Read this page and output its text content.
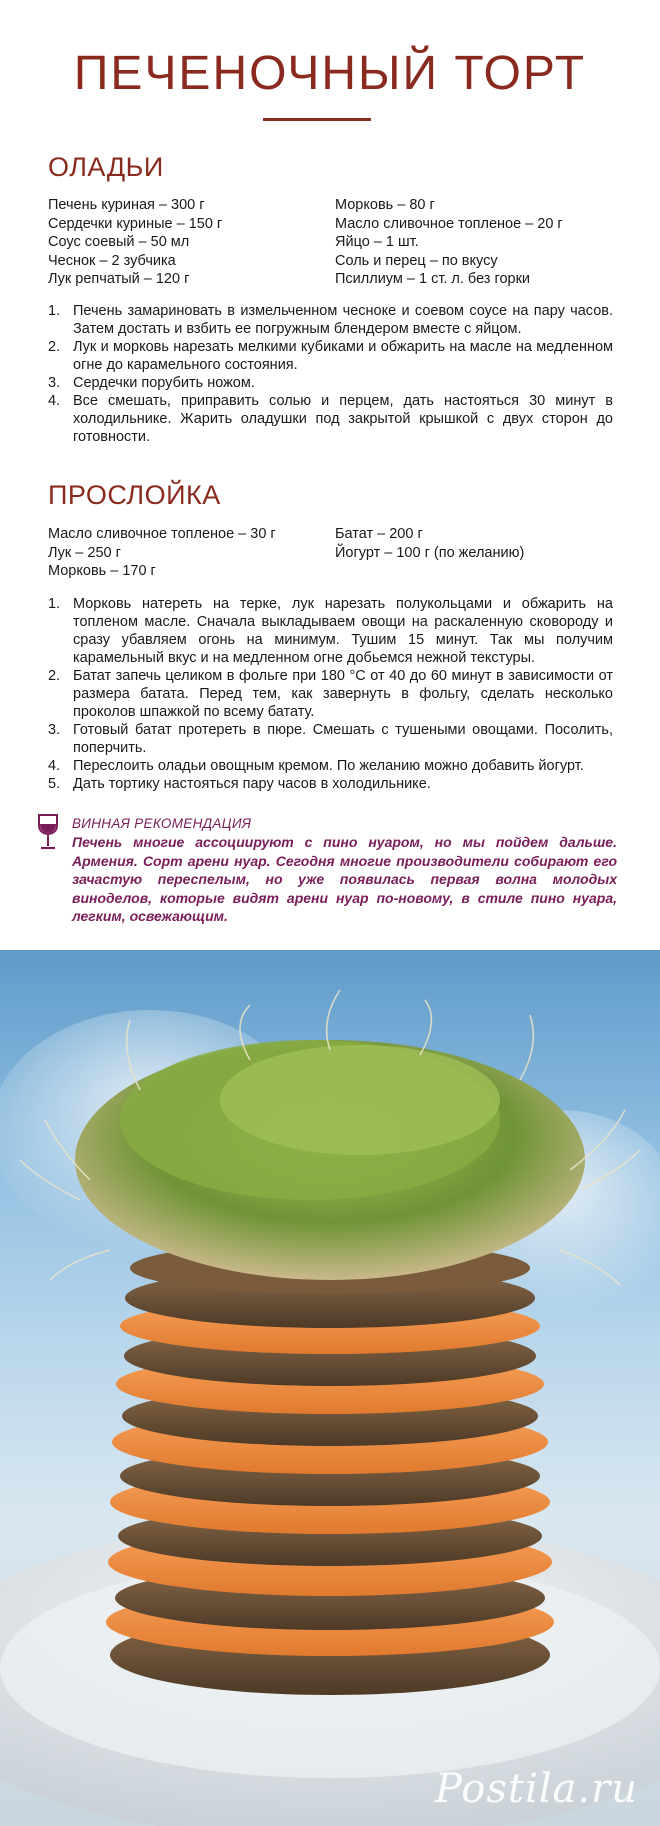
ПЕЧЕНОЧНЫЙ ТОРТ
ОЛАДЬИ
Печень куриная – 300 г
Сердечки куриные – 150 г
Соус соевый – 50 мл
Чеснок – 2 зубчика
Лук репчатый – 120 г
Морковь – 80 г
Масло сливочное топленое – 20 г
Яйцо – 1 шт.
Соль и перец – по вкусу
Псиллиум – 1 ст. л. без горки
1. Печень замариновать в измельченном чесноке и соевом соусе на пару часов. Затем достать и взбить ее погружным блендером вместе с яйцом.
2. Лук и морковь нарезать мелкими кубиками и обжарить на масле на медленном огне до карамельного состояния.
3. Сердечки порубить ножом.
4. Все смешать, приправить солью и перцем, дать настояться 30 минут в холодильнике. Жарить оладушки под закрытой крышкой с двух сторон до готовности.
ПРОСЛОЙКА
Масло сливочное топленое – 30 г
Лук – 250 г
Морковь – 170 г
Батат – 200 г
Йогурт – 100 г (по желанию)
1. Морковь натереть на терке, лук нарезать полукольцами и обжарить на топленом масле. Сначала выкладываем овощи на раскаленную сковороду и сразу убавляем огонь на минимум. Тушим 15 минут. Так мы получим карамельный вкус и на медленном огне добьемся нежной текстуры.
2. Батат запечь целиком в фольге при 180 °С от 40 до 60 минут в зависимости от размера батата. Перед тем, как завернуть в фольгу, сделать несколько проколов шпажкой по всему батату.
3. Готовый батат протереть в пюре. Смешать с тушеными овощами. Посолить, поперчить.
4. Переслоить оладьи овощным кремом. По желанию можно добавить йогурт.
5. Дать тортику настояться пару часов в холодильнике.
ВИННАЯ РЕКОМЕНДАЦИЯ
Печень многие ассоциируют с пино нуаром, но мы пойдем дальше. Армения. Сорт арени нуар. Сегодня многие производители собирают его зачастую переспелым, но уже появилась первая волна молодых виноделов, которые видят арени нуар по-новому, в стиле пино нуара, легким, освежающим.
Postila.ru
